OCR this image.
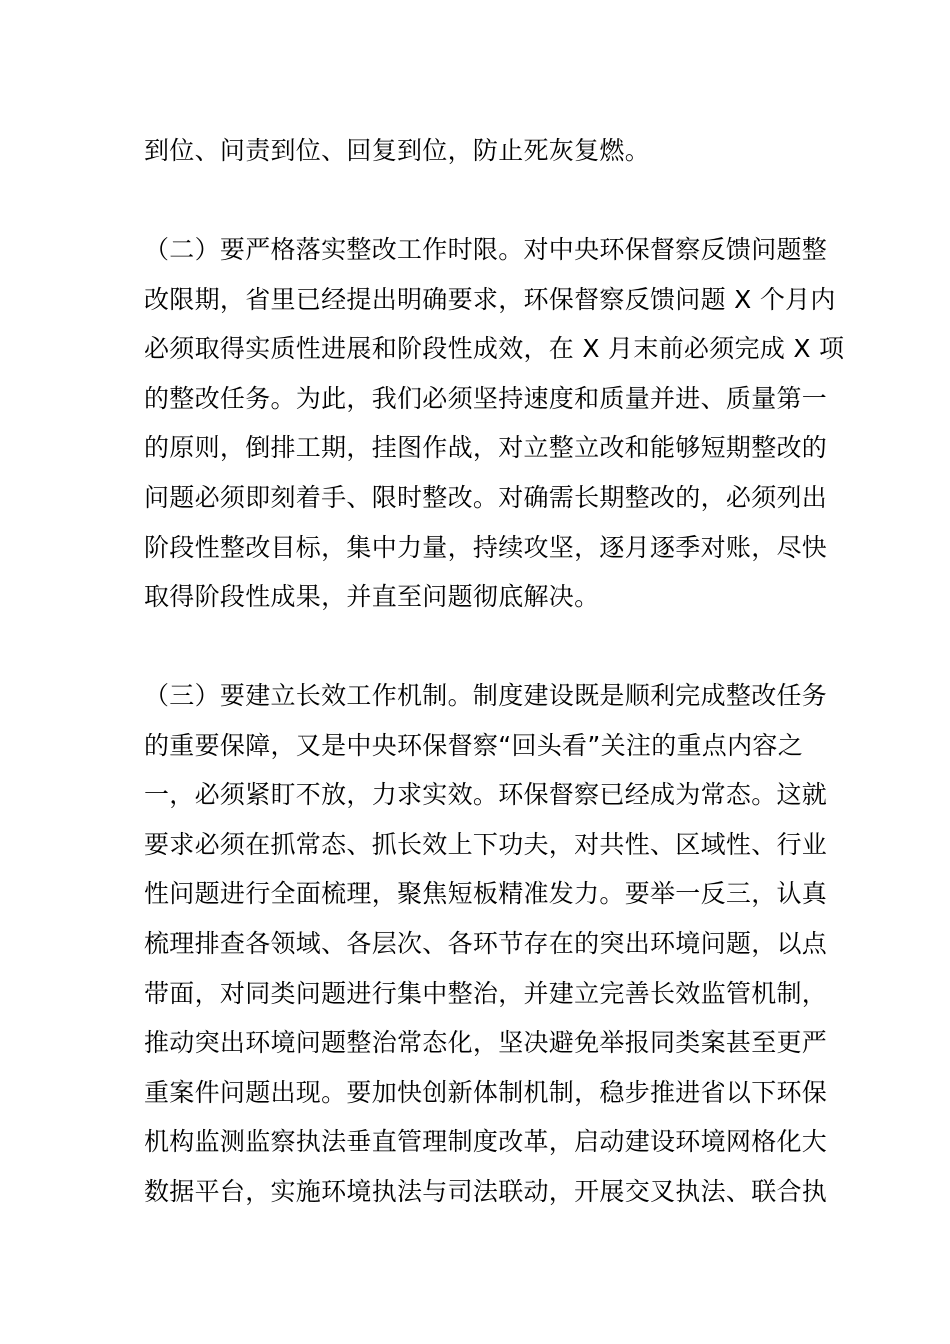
到位、问责到位、回复到位，防止死灰复燃。
（二）要严格落实整改工作时限。对中央环保督察反馈问题整
改限期，省里已经提出明确要求，环保督察反馈问题 X 个月内
必须取得实质性进展和阶段性成效，在 X 月末前必须完成 X 项
的整改任务。为此，我们必须坚持速度和质量并进、质量第一
的原则，倒排工期，挂图作战，对立整立改和能够短期整改的
问题必须即刻着手、限时整改。对确需长期整改的，必须列出
阶段性整改目标，集中力量，持续攻坚，逐月逐季对账，尽快
取得阶段性成果，并直至问题彻底解决。
（三）要建立长效工作机制。制度建设既是顺利完成整改任务
的重要保障，又是中央环保督察“回头看”关注的重点内容之
一，必须紧盯不放，力求实效。环保督察已经成为常态。这就
要求必须在抓常态、抓长效上下功夫，对共性、区域性、行业
性问题进行全面梳理，聚焦短板精准发力。要举一反三，认真
梳理排查各领域、各层次、各环节存在的突出环境问题，以点
带面，对同类问题进行集中整治，并建立完善长效监管机制，
推动突出环境问题整治常态化，坚决避免举报同类案甚至更严
重案件问题出现。要加快创新体制机制，稳步推进省以下环保
机构监测监察执法垂直管理制度改革，启动建设环境网格化大
数据平台，实施环境执法与司法联动，开展交叉执法、联合执
